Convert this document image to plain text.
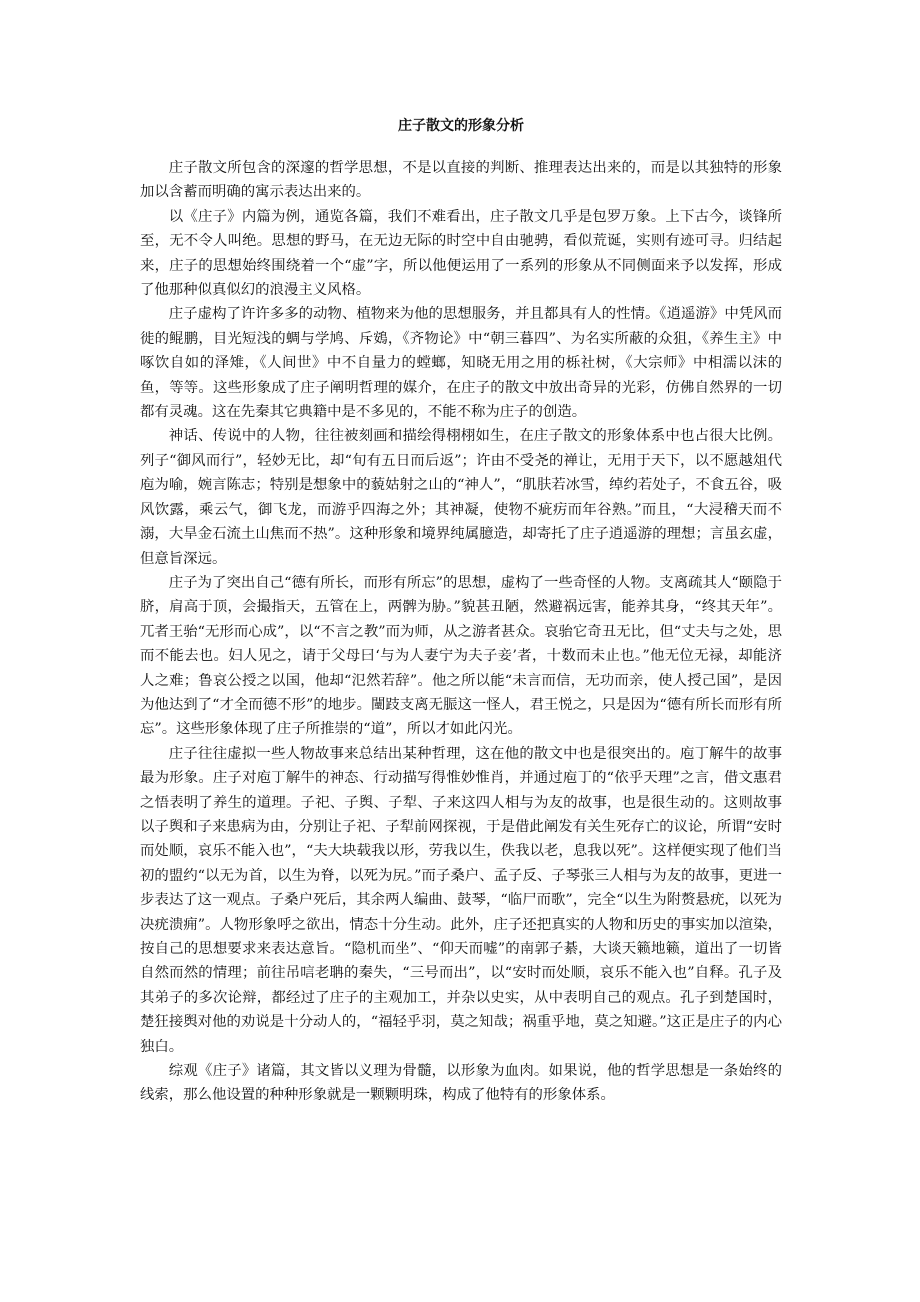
庄子散文的形象分析

庄子散文所包含的深邃的哲学思想，不是以直接的判断、推理表达出来的，而是以其独特的形象加以含蓄而明确的寓示表达出来的。

以《庄子》内篇为例，通览各篇，我们不难看出，庄子散文几乎是包罗万象。上下古今，谈锋所至，无不令人叫绝。思想的野马，在无边无际的时空中自由驰骋，看似荒诞，实则有迹可寻。归结起来，庄子的思想始终围绕着一个“虚”字，所以他便运用了一系列的形象从不同侧面来予以发挥，形成了他那种似真似幻的浪漫主义风格。

庄子虚构了许许多多的动物、植物来为他的思想服务，并且都具有人的性情。《逍遥游》中凭风而徙的鲲鹏，目光短浅的蜩与学鸠、斥鴳，《齐物论》中“朝三暮四”、为名实所蔽的众狙，《养生主》中啄饮自如的泽雉，《人间世》中不自量力的螳螂，知晓无用之用的栎社树，《大宗师》中相濡以沫的鱼，等等。这些形象成了庄子阐明哲理的媒介，在庄子的散文中放出奇异的光彩，仿佛自然界的一切都有灵魂。这在先秦其它典籍中是不多见的，不能不称为庄子的创造。

神话、传说中的人物，往往被刻画和描绘得栩栩如生，在庄子散文的形象体系中也占很大比例。列子“御风而行”，轻妙无比，却“旬有五日而后返”；许由不受尧的禅让，无用于天下，以不愿越俎代庖为喻，婉言陈志；特别是想象中的藐姑射之山的“神人”，“肌肤若冰雪，绰约若处子，不食五谷，吸风饮露，乘云气，御飞龙，而游乎四海之外；其神凝，使物不疵疠而年谷熟。”而且，“大浸稽天而不溺，大旱金石流土山焦而不热”。这种形象和境界纯属臆造，却寄托了庄子逍遥游的理想；言虽玄虚，但意旨深远。

庄子为了突出自己“德有所长，而形有所忘”的思想，虚构了一些奇怪的人物。支离疏其人“颐隐于脐，肩高于顶，会撮指天，五管在上，两髀为胁。”貌甚丑陋，然避祸远害，能养其身，“终其天年”。兀者王骀“无形而心成”，以“不言之教”而为师，从之游者甚众。哀骀它奇丑无比，但“丈夫与之处，思而不能去也。妇人见之，请于父母曰‘与为人妻宁为夫子妾’者，十数而未止也。”他无位无禄，却能济人之难；鲁哀公授之以国，他却“氾然若辞”。他之所以能“未言而信，无功而亲，使人授己国”，是因为他达到了“才全而德不形”的地步。闉跂支离无脤这一怪人，君王悦之，只是因为“德有所长而形有所忘”。这些形象体现了庄子所推崇的“道”，所以才如此闪光。

庄子往往虚拟一些人物故事来总结出某种哲理，这在他的散文中也是很突出的。庖丁解牛的故事最为形象。庄子对庖丁解牛的神态、行动描写得惟妙惟肖，并通过庖丁的“依乎天理”之言，借文惠君之悟表明了养生的道理。子祀、子舆、子犁、子来这四人相与为友的故事，也是很生动的。这则故事以子舆和子来患病为由，分别让子祀、子犁前网探视，于是借此阐发有关生死存亡的议论，所谓“安时而处顺，哀乐不能入也”，“夫大块载我以形，劳我以生，佚我以老，息我以死”。这样便实现了他们当初的盟约“以无为首，以生为脊，以死为尻。”而子桑户、孟子反、子琴张三人相与为友的故事，更进一步表达了这一观点。子桑户死后，其余两人编曲、鼓琴，“临尸而歌”，完全“以生为附赘悬疣，以死为决疣溃痈”。人物形象呼之欲出，情态十分生动。此外，庄子还把真实的人物和历史的事实加以渲染，按自己的思想要求来表达意旨。“隐机而坐”、“仰天而嘘”的南郭子綦，大谈天籁地籁，道出了一切皆自然而然的情理；前往吊唁老聃的秦失，“三号而出”，以“安时而处顺，哀乐不能入也”自释。孔子及其弟子的多次论辩，都经过了庄子的主观加工，并杂以史实，从中表明自己的观点。孔子到楚国时，楚狂接舆对他的劝说是十分动人的，“福轻乎羽，莫之知哉；祸重乎地，莫之知避。”这正是庄子的内心独白。

综观《庄子》诸篇，其文皆以义理为骨髓，以形象为血肉。如果说，他的哲学思想是一条始终的线索，那么他设置的种种形象就是一颗颗明珠，构成了他特有的形象体系。
